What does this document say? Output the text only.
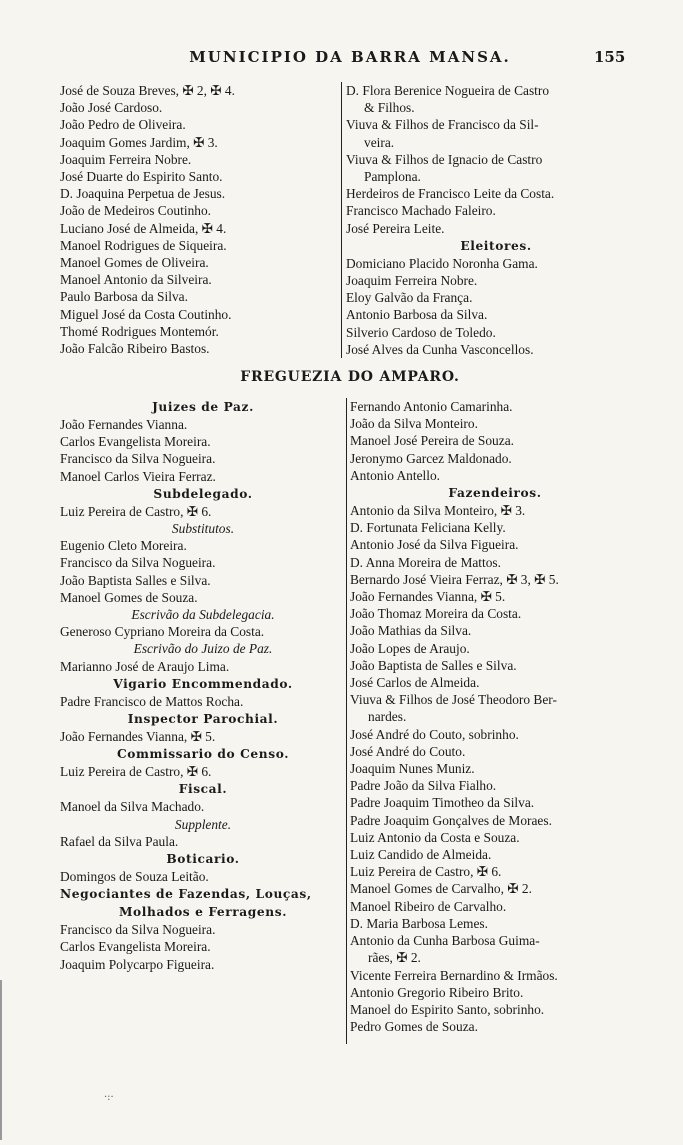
MUNICIPIO DA BARRA MANSA.	155
José de Souza Breves, ✠ 2, ✠ 4.
João José Cardoso.
João Pedro de Oliveira.
Joaquim Gomes Jardim, ✠ 3.
Joaquim Ferreira Nobre.
José Duarte do Espirito Santo.
D. Joaquina Perpetua de Jesus.
João de Medeiros Coutinho.
Luciano José de Almeida, ✠ 4.
Manoel Rodrigues de Siqueira.
Manoel Gomes de Oliveira.
Manoel Antonio da Silveira.
Paulo Barbosa da Silva.
Miguel José da Costa Coutinho.
Thomé Rodrigues Montemór.
João Falcão Ribeiro Bastos.
D. Flora Berenice Nogueira de Castro
& Filhos.
Viuva & Filhos de Francisco da Sil-
veira.
Viuva & Filhos de Ignacio de Castro
Pamplona.
Herdeiros de Francisco Leite da Costa.
Francisco Machado Faleiro.
José Pereira Leite.
Eleitores.
Domiciano Placido Noronha Gama.
Joaquim Ferreira Nobre.
Eloy Galvão da França.
Antonio Barbosa da Silva.
Silverio Cardoso de Toledo.
José Alves da Cunha Vasconcellos.
FREGUEZIA DO AMPARO.
Juizes de Paz.
João Fernandes Vianna.
Carlos Evangelista Moreira.
Francisco da Silva Nogueira.
Manoel Carlos Vieira Ferraz.
Subdelegado.
Luiz Pereira de Castro, ✠ 6.
Substitutos.
Eugenio Cleto Moreira.
Francisco da Silva Nogueira.
João Baptista Salles e Silva.
Manoel Gomes de Souza.
Escrivão da Subdelegacia.
Generoso Cypriano Moreira da Costa.
Escrivão do Juizo de Paz.
Marianno José de Araujo Lima.
Vigario Encommendado.
Padre Francisco de Mattos Rocha.
Inspector Parochial.
João Fernandes Vianna, ✠ 5.
Commissario do Censo.
Luiz Pereira de Castro, ✠ 6.
Fiscal.
Manoel da Silva Machado.
Supplente.
Rafael da Silva Paula.
Boticario.
Domingos de Souza Leitão.
Negociantes de Fazendas, Louças,
Molhados e Ferragens.
Francisco da Silva Nogueira.
Carlos Evangelista Moreira.
Joaquim Polycarpo Figueira.
Fernando Antonio Camarinha.
João da Silva Monteiro.
Manoel José Pereira de Souza.
Jeronymo Garcez Maldonado.
Antonio Antello.
Fazendeiros.
Antonio da Silva Monteiro, ✠ 3.
D. Fortunata Feliciana Kelly.
Antonio José da Silva Figueira.
D. Anna Moreira de Mattos.
Bernardo José Vieira Ferraz, ✠ 3, ✠ 5.
João Fernandes Vianna, ✠ 5.
João Thomaz Moreira da Costa.
João Mathias da Silva.
João Lopes de Araujo.
João Baptista de Salles e Silva.
José Carlos de Almeida.
Viuva & Filhos de José Theodoro Ber-
nardes.
José André do Couto, sobrinho.
José André do Couto.
Joaquim Nunes Muniz.
Padre João da Silva Fialho.
Padre Joaquim Timotheo da Silva.
Padre Joaquim Gonçalves de Moraes.
Luiz Antonio da Costa e Souza.
Luiz Candido de Almeida.
Luiz Pereira de Castro, ✠ 6.
Manoel Gomes de Carvalho, ✠ 2.
Manoel Ribeiro de Carvalho.
D. Maria Barbosa Lemes.
Antonio da Cunha Barbosa Guima-
rães, ✠ 2.
Vicente Ferreira Bernardino & Irmãos.
Antonio Gregorio Ribeiro Brito.
Manoel do Espirito Santo, sobrinho.
Pedro Gomes de Souza.
·:·
